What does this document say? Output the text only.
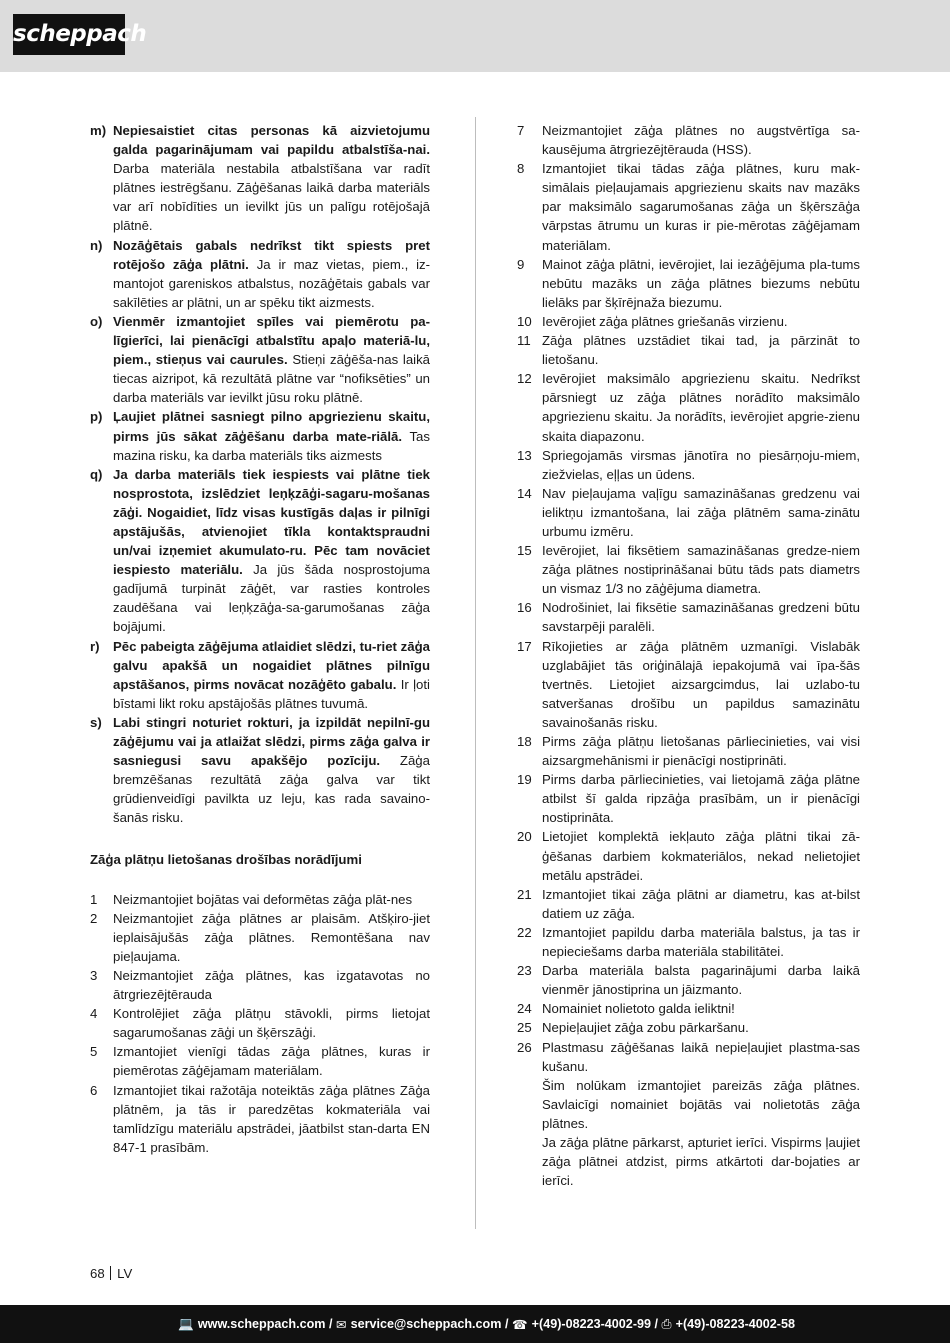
scheppach
m) Nepiesaistiet citas personas kā aizvietojumu galda pagarinājumam vai papildu atbalstīša-nai. Darba materiāla nestabila atbalstīšana var radīt plātnes iestrēgšanu. Zāģēšanas laikā darba materiāls var arī nobīdīties un ievilkt jūs un palīgu rotējošajā plātnē.

n) Nozāģētais gabals nedrīkst tikt spiests pret rotējošo zāģa plātni. Ja ir maz vietas, piem., iz-mantojot gareniskos atbalstus, nozāģētais gabals var sakīlēties ar plātni, un ar spēku tikt aizmests.

o) Vienmēr izmantojiet spīles vai piemērotu pa-līgierīci, lai pienācīgi atbalstītu apaļo materiā-lu, piem., stieņus vai caurules. Stieņi zāģēša-nas laikā tiecas aizripot, kā rezultātā plātne var “nofiksēties” un darba materiāls var ievilkt jūsu roku plātnē.

p) Ļaujiet plātnei sasniegt pilno apgriezienu skaitu, pirms jūs sākat zāģēšanu darba mate-riālā. Tas mazina risku, ka darba materiāls tiks aizmests

q) Ja darba materiāls tiek iespiests vai plātne tiek nosprostota, izslēdziet leņķzāģi-sagaru-mošanas zāģi. Nogaidiet, līdz visas kustīgās daļas ir pilnīgi apstājušās, atvienojiet tīkla kontaktspraudni un/vai izņemiet akumulato-ru. Pēc tam novāciet iespiesto materiālu. Ja jūs šāda nosprostojuma gadījumā turpināt zāģēt, var rasties kontroles zaudēšana vai leņķzāģa-sa-garumošanas zāģa bojājumi.

r)	Pēc pabeigta zāģējuma atlaidiet slēdzi, tu-riet zāģa galvu apakšā un nogaidiet plātnes pilnīgu apstāšanos, pirms novācat nozāģēto gabalu. Ir ļoti bīstami likt roku apstājošās plātnes tuvumā.

s) Labi stingri noturiet rokturi, ja izpildāt nepilnī-gu zāģējumu vai ja atlaižat slēdzi, pirms zāģa galva ir sasniegusi savu apakšējo pozīciju. Zāģa bremzēšanas rezultātā zāģa galva var tikt grūdienveidīgi pavilkta uz leju, kas rada savaino-šanās risku.

Zāģa plātņu lietošanas drošības norādījumi
1	Neizmantojiet bojātas vai deformētas zāģa plāt-nes

2	Neizmantojiet zāģa plātnes ar plaisām. Atšķiro-jiet ieplaisājušās zāģa plātnes. Remontēšana nav pieļaujama.

3	Neizmantojiet zāģa plātnes, kas izgatavotas no ātrgriezējtērauda

4	Kontrolējiet zāģa plātņu stāvokli, pirms lietojat sagarumošanas zāģi un šķērszāģi.

5	Izmantojiet vienīgi tādas zāģa plātnes, kuras ir piemērotas zāģējamam materiālam.

6	Izmantojiet tikai ražotāja noteiktās zāģa plātnes Zāģa plātnēm, ja tās ir paredzētas kokmateriāla vai tamlīdzīgu materiālu apstrādei, jāatbilst stan-darta EN 847-1 prasībām.

7	Neizmantojiet zāģa plātnes no augstvērtīga sa-kausējuma ātrgriezējtērauda (HSS).

8	Izmantojiet tikai tādas zāģa plātnes, kuru mak-simālais pieļaujamais apgriezienu skaits nav mazāks par maksimālo sagarumošanas zāģa un šķērszāģa vārpstas ātrumu un kuras ir pie-mērotas zāģējamam materiālam.

9	Mainot zāģa plātni, ievērojiet, lai iezāģējuma pla-tums nebūtu mazāks un zāģa plātnes biezums nebūtu lielāks par šķīrējnaža biezumu.

10 Ievērojiet zāģa plātnes griešanās virzienu.

11 Zāģa plātnes uzstādiet tikai tad, ja pārzināt to lietošanu.

12 Ievērojiet maksimālo apgriezienu skaitu. Nedrīkst pārsniegt uz zāģa plātnes norādīto maksimālo apgriezienu skaitu. Ja norādīts, ievērojiet apgrie-zienu skaita diapazonu.

13 Spriegojamās virsmas jānotīra no piesārņoju-miem, ziežvielas, eļļas un ūdens.

14 Nav pieļaujama vaļīgu samazināšanas gredzenu vai ieliktņu izmantošana, lai zāģa plātnēm sama-zinātu urbumu izmēru.

15 Ievērojiet, lai fiksētiem samazināšanas gredze-niem zāģa plātnes nostiprināšanai būtu tāds pats diametrs un vismaz 1/3 no zāģējuma diametra.

16 Nodrošiniet, lai fiksētie samazināšanas gredzeni būtu savstarpēji paralēli.

17 Rīkojieties ar zāģa plātnēm uzmanīgi. Vislabāk uzglabājiet tās oriģinālajā iepakojumā vai īpa-šās tvertnēs. Lietojiet aizsargcimdus, lai uzlabo-tu satveršanas drošību un papildus samazinātu savainošanās risku.

18 Pirms zāģa plātņu lietošanas pārliecinieties, vai visi aizsargmehānismi ir pienācīgi nostiprināti.

19 Pirms darba pārliecinieties, vai lietojamā zāģa plātne atbilst šī galda ripzāģa prasībām, un ir pienācīgi nostiprināta.

20 Lietojiet komplektā iekļauto zāģa plātni tikai zā-ģēšanas darbiem kokmateriālos, nekad nelietojiet metālu apstrādei.

21 Izmantojiet tikai zāģa plātni ar diametru, kas at-bilst datiem uz zāģa.

22 Izmantojiet papildu darba materiāla balstus, ja tas ir nepieciešams darba materiāla stabilitātei.

23 Darba materiāla balsta pagarinājumi darba laikā vienmēr jānostiprina un jāizmanto.

24 Nomainiet nolietoto galda ieliktni!

25 Nepieļaujiet zāģa zobu pārkaršanu.

26 Plastmasu zāģēšanas laikā nepieļaujiet plastma-sas kušanu.

Šim nolūkam izmantojiet pareizās zāģa plātnes. Savlaicīgi nomainiet bojātās vai nolietotās zāģa plātnes.

Ja zāģa plātne pārkarst, apturiet ierīci. Vispirms ļaujiet zāģa plātnei atdzist, pirms atkārtoti dar-bojaties ar ierīci.

68 LV
💻 www.scheppach.com / ✉ service@scheppach.com / ☎ +(49)-08223-4002-99 / ⎙ +(49)-08223-4002-58
